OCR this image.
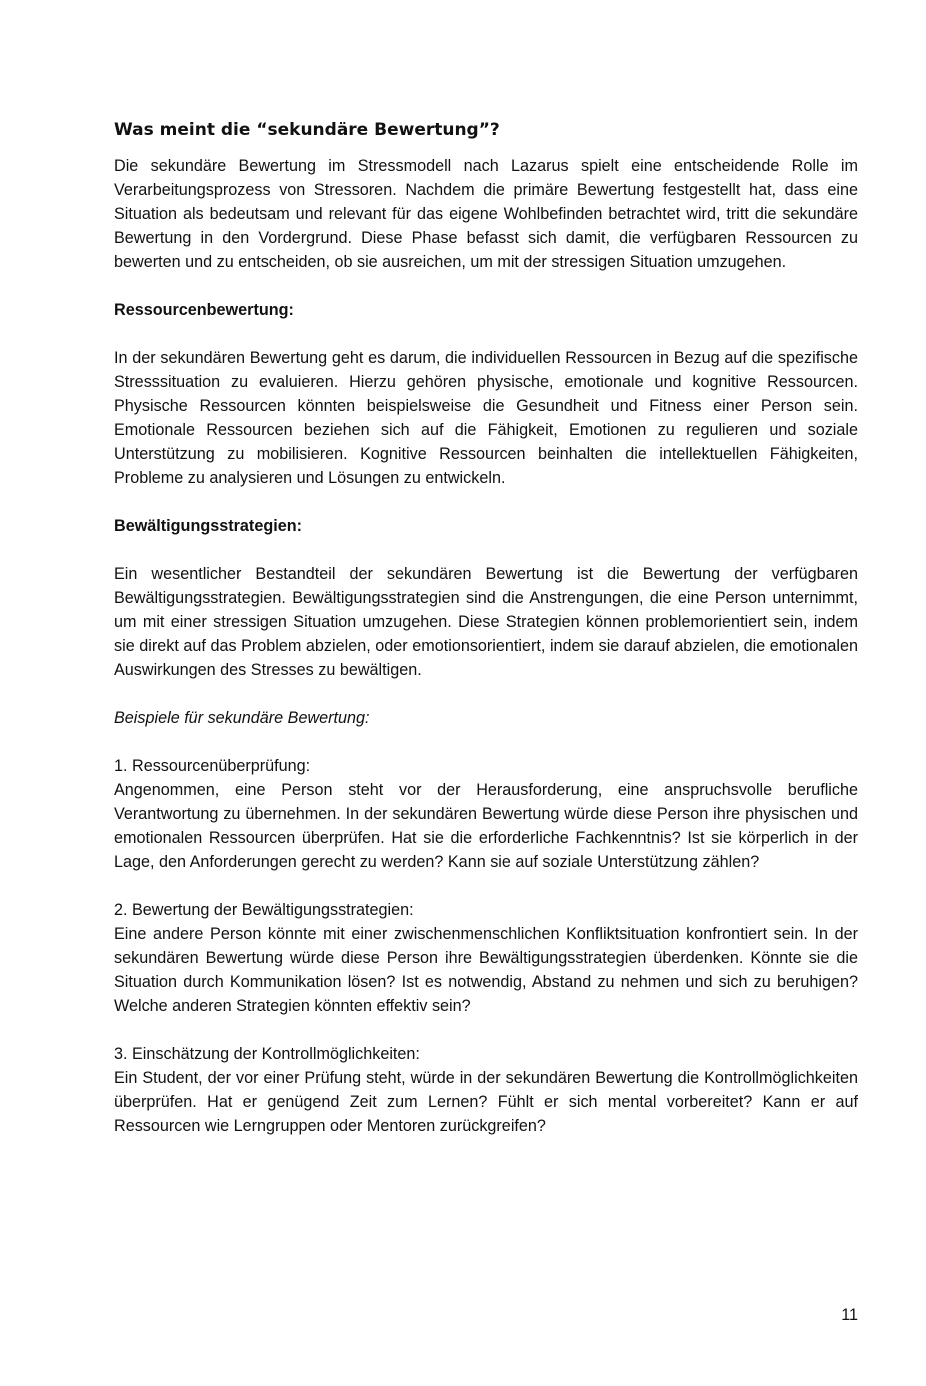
Was meint die “sekundäre Bewertung”?

Die sekundäre Bewertung im Stressmodell nach Lazarus spielt eine entscheidende Rolle im Verarbeitungsprozess von Stressoren. Nachdem die primäre Bewertung festgestellt hat, dass eine Situation als bedeutsam und relevant für das eigene Wohlbefinden betrachtet wird, tritt die sekundäre Bewertung in den Vordergrund. Diese Phase befasst sich damit, die verfügbaren Ressourcen zu bewerten und zu entscheiden, ob sie ausreichen, um mit der stressigen Situation umzugehen.

Ressourcenbewertung:

In der sekundären Bewertung geht es darum, die individuellen Ressourcen in Bezug auf die spezifische Stresssituation zu evaluieren. Hierzu gehören physische, emotionale und kognitive Ressourcen. Physische Ressourcen könnten beispielsweise die Gesundheit und Fitness einer Person sein. Emotionale Ressourcen beziehen sich auf die Fähigkeit, Emotionen zu regulieren und soziale Unterstützung zu mobilisieren. Kognitive Ressourcen beinhalten die intellektuellen Fähigkeiten, Probleme zu analysieren und Lösungen zu entwickeln.

Bewältigungsstrategien:

Ein wesentlicher Bestandteil der sekundären Bewertung ist die Bewertung der verfügbaren Bewältigungsstrategien. Bewältigungsstrategien sind die Anstrengungen, die eine Person unternimmt, um mit einer stressigen Situation umzugehen. Diese Strategien können problemorientiert sein, indem sie direkt auf das Problem abzielen, oder emotionsorientiert, indem sie darauf abzielen, die emotionalen Auswirkungen des Stresses zu bewältigen.

Beispiele für sekundäre Bewertung:

1. Ressourcenüberprüfung:

Angenommen, eine Person steht vor der Herausforderung, eine anspruchsvolle berufliche Verantwortung zu übernehmen. In der sekundären Bewertung würde diese Person ihre physischen und emotionalen Ressourcen überprüfen. Hat sie die erforderliche Fachkenntnis? Ist sie körperlich in der Lage, den Anforderungen gerecht zu werden? Kann sie auf soziale Unterstützung zählen?

2. Bewertung der Bewältigungsstrategien:

Eine andere Person könnte mit einer zwischenmenschlichen Konfliktsituation konfrontiert sein. In der sekundären Bewertung würde diese Person ihre Bewältigungsstrategien überdenken. Könnte sie die Situation durch Kommunikation lösen? Ist es notwendig, Abstand zu nehmen und sich zu beruhigen? Welche anderen Strategien könnten effektiv sein?

3. Einschätzung der Kontrollmöglichkeiten:

Ein Student, der vor einer Prüfung steht, würde in der sekundären Bewertung die Kontrollmöglichkeiten überprüfen. Hat er genügend Zeit zum Lernen? Fühlt er sich mental vorbereitet? Kann er auf Ressourcen wie Lerngruppen oder Mentoren zurückgreifen?

11
